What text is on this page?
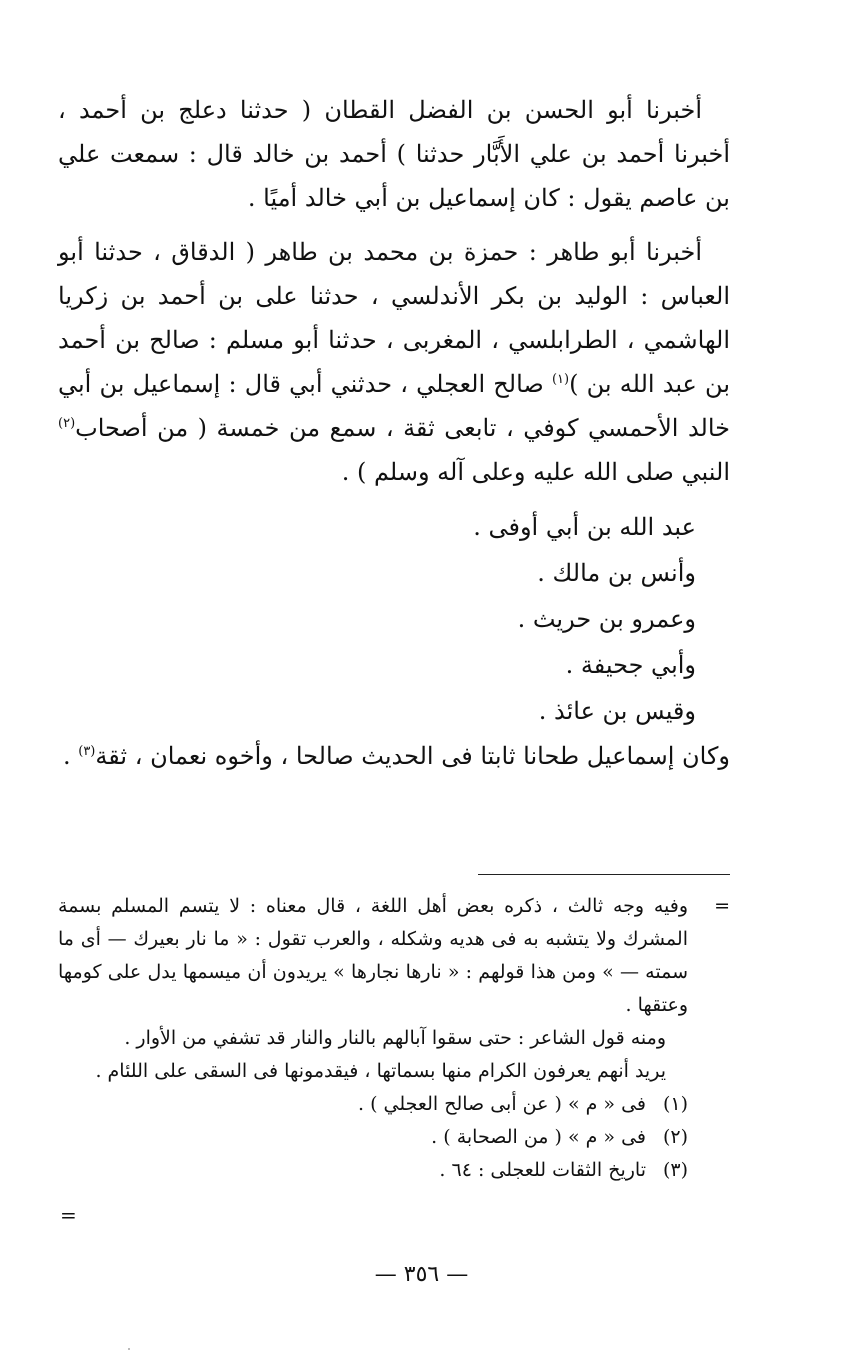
أخبرنا أبو الحسن بن الفضل القطان ( حدثنا دعلج بن أحمد ، أخبرنا أحمد بن علي الأَبَّار حدثنا ) أحمد بن خالد قال : سمعت علي بن عاصم يقول : كان إسماعيل بن أبي خالد أميًا .

أخبرنا أبو طاهر : حمزة بن محمد بن طاهر ( الدقاق ، حدثنا أبو العباس : الوليد بن بكر الأندلسي ، حدثنا على بن أحمد بن زكريا الهاشمي ، الطرابلسي ، المغربى ، حدثنا أبو مسلم : صالح بن أحمد بن عبد الله بن )$^{(١)}$ صالح العجلي ، حدثني أبي قال : إسماعيل بن أبي خالد الأحمسي كوفي ، تابعى ثقة ، سمع من خمسة ( من أصحاب$^{(٢)}$ النبي صلى الله عليه وعلى آله وسلم ) .

عبد الله بن أبي أوفى .
وأنس بن مالك .
وعمرو بن حريث .
وأبي جحيفة .
وقيس بن عائذ .

وكان إسماعيل طحانا ثابتا فى الحديث صالحا ، وأخوه نعمان ، ثقة$^{(٣)}$ .

=

وفيه وجه ثالث ، ذكره بعض أهل اللغة ، قال معناه : لا يتسم المسلم بسمة المشرك ولا يتشبه به فى هديه وشكله ، والعرب تقول : « ما نار بعيرك — أى ما سمته — » ومن هذا قولهم : « نارها نجارها » يريدون أن ميسمها يدل على كومها وعتقها .

ومنه قول الشاعر : حتى سقوا آبالهم بالنار والنار قد تشفي من الأوار .

يريد أنهم يعرفون الكرام منها بسماتها ، فيقدمونها فى السقى على اللئام .

(١)
فى « م » ( عن أبى صالح العجلي ) .
(٢)
فى « م » ( من الصحابة ) .
(٣)
تاريخ الثقات للعجلى : ٦٤ .
=
— ٣٥٦ —
